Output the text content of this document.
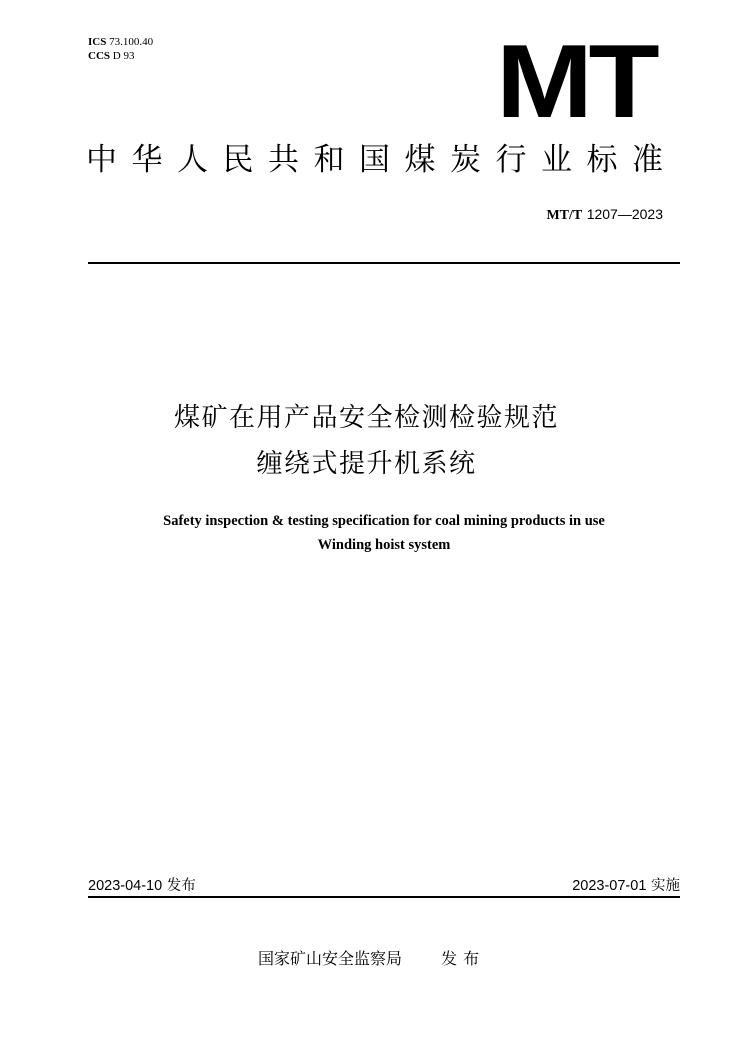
ICS 73.100.40
CCS D 93	MT
中华人民共和国煤炭行业标准
MT/T 1207—2023
煤矿在用产品安全检测检验规范
缠绕式提升机系统
Safety inspection & testing specification for coal mining products in use
Winding hoist system
2023-04-10 发布	2023-07-01 实施
国家矿山安全监察局 发布
